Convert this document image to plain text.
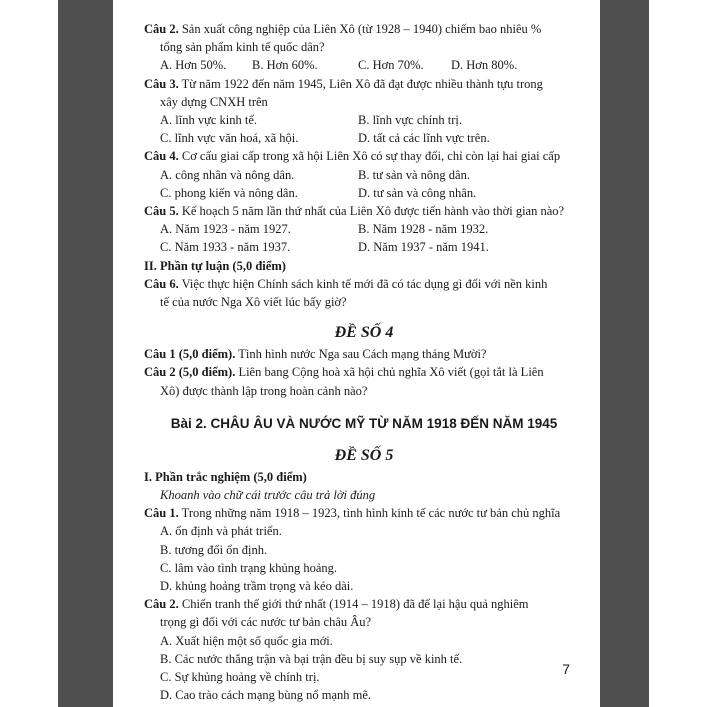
Câu 2. Sản xuất công nghiệp của Liên Xô (từ 1928 – 1940) chiếm bao nhiêu %

tổng sản phẩm kinh tế quốc dân?

A. Hơn 50%. B. Hơn 60%.	C. Hơn 70%. D. Hơn 80%.

Câu 3. Từ năm 1922 đến năm 1945, Liên Xô đã đạt được nhiều thành tựu trong

xây dựng CNXH trên

A. lĩnh vực kinh tế.	B. lĩnh vực chính trị.
C. lĩnh vực văn hoá, xã hội.	D. tất cả các lĩnh vực trên.

Câu 4. Cơ cấu giai cấp trong xã hội Liên Xô có sự thay đổi, chỉ còn lại hai giai cấp

A. công nhân và nông dân.	B. tư sản và nông dân.
C. phong kiến và nông dân.	D. tư sản và công nhân.

Câu 5. Kế hoạch 5 năm lần thứ nhất của Liên Xô được tiến hành vào thời gian nào?

A. Năm 1923 - năm 1927.	B. Năm 1928 - năm 1932.
C. Năm 1933 - năm 1937.	D. Năm 1937 - năm 1941.

II. Phần tự luận (5,0 điểm)

Câu 6. Việc thực hiện Chính sách kinh tế mới đã có tác dụng gì đối với nền kinh

tế của nước Nga Xô viết lúc bấy giờ?

ĐỀ SỐ 4

Câu 1 (5,0 điểm). Tình hình nước Nga sau Cách mạng tháng Mười?

Câu 2 (5,0 điểm). Liên bang Cộng hoà xã hội chủ nghĩa Xô viết (gọi tắt là Liên

Xô) được thành lập trong hoàn cảnh nào?

Bài 2. CHÂU ÂU VÀ NƯỚC MỸ TỪ NĂM 1918 ĐẾN NĂM 1945
ĐỀ SỐ 5

I. Phần trắc nghiệm (5,0 điểm)

Khoanh vào chữ cái trước câu trả lời đúng

Câu 1. Trong những năm 1918 – 1923, tình hình kinh tế các nước tư bản chủ nghĩa

A. ổn định và phát triển.

B. tương đối ổn định.

C. lâm vào tình trạng khủng hoảng.

D. khủng hoảng trầm trọng và kéo dài.

Câu 2. Chiến tranh thế giới thứ nhất (1914 – 1918) đã để lại hậu quả nghiêm

trọng gì đối với các nước tư bản châu Âu?

A. Xuất hiện một số quốc gia mới.

B. Các nước thắng trận và bại trận đều bị suy sụp về kinh tế.

C. Sự khủng hoảng về chính trị.

D. Cao trào cách mạng bùng nổ mạnh mẽ.

7
